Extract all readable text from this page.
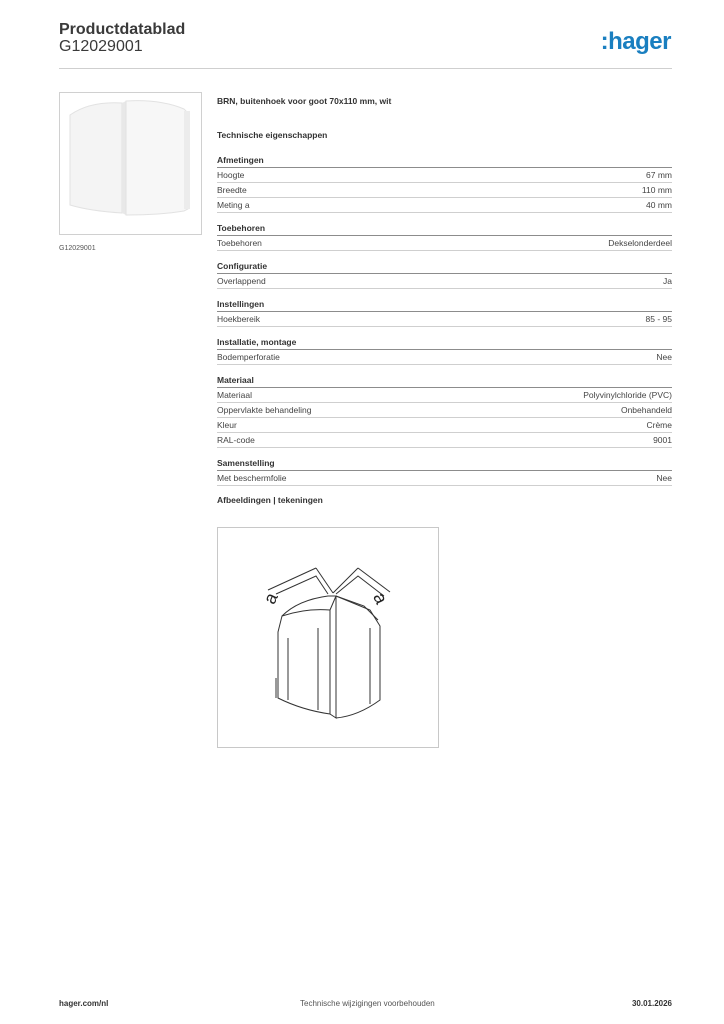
Productdatablad
G12029001	:hager
G12029001
BRN, buitenhoek voor goot 70x110 mm, wit
Technische eigenschappen
Afmetingen
Hoogte	67 mm
Breedte	110 mm
Meting a	40 mm
Toebehoren
Toebehoren	Dekselonderdeel
Configuratie
Overlappend	Ja
Instellingen
Hoekbereik	85 - 95
Installatie, montage
Bodemperforatie	Nee
Materiaal
Materiaal	Polyvinylchloride (PVC)
Oppervlakte behandeling	Onbehandeld
Kleur	Crème
RAL-code	9001
Samenstelling
Met beschermfolie	Nee
Afbeeldingen | tekeningen
a	a
hager.com/nl	Technische wijzigingen voorbehouden	30.01.2026
